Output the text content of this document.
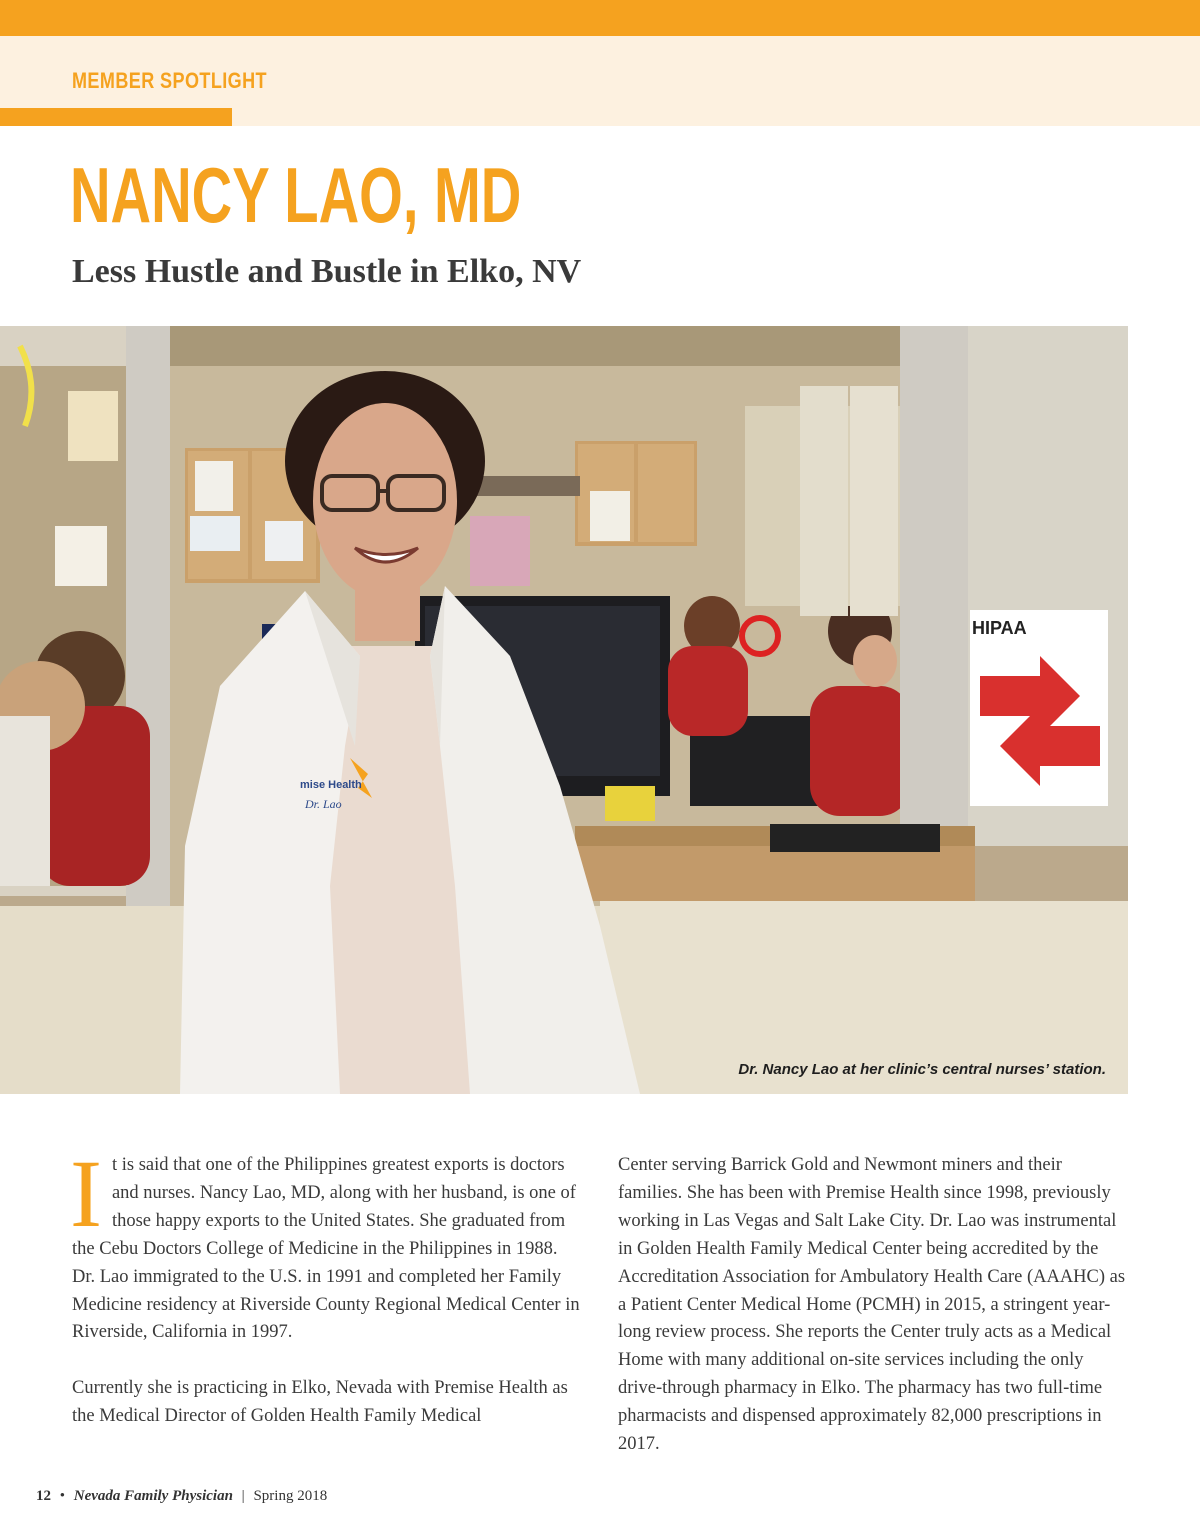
MEMBER SPOTLIGHT
NANCY LAO, MD
Less Hustle and Bustle in Elko, NV
HIPAA
mise Health
Dr. Lao
Dr. Nancy Lao at her clinic’s central nurses’ station.

It is said that one of the Philippines greatest exports is doctors and nurses. Nancy Lao, MD, along with her husband, is one of those happy exports to the United States. She graduated from the Cebu Doctors College of Medicine in the Philippines in 1988. Dr. Lao immigrated to the U.S. in 1991 and completed her Family Medicine residency at Riverside County Regional Medical Center in Riverside, California in 1997.

Currently she is practicing in Elko, Nevada with Premise Health as the Medical Director of Golden Health Family Medical

Center serving Barrick Gold and Newmont miners and their families. She has been with Premise Health since 1998, previously working in Las Vegas and Salt Lake City. Dr. Lao was instrumental in Golden Health Family Medical Center being accredited by the Accreditation Association for Ambulatory Health Care (AAAHC) as a Patient Center Medical Home (PCMH) in 2015, a stringent year-long review process. She reports the Center truly acts as a Medical Home with many additional on-site services including the only drive-through pharmacy in Elko. The pharmacy has two full-time pharmacists and dispensed approximately 82,000 prescriptions in 2017.

12 • Nevada Family Physician | Spring 2018
